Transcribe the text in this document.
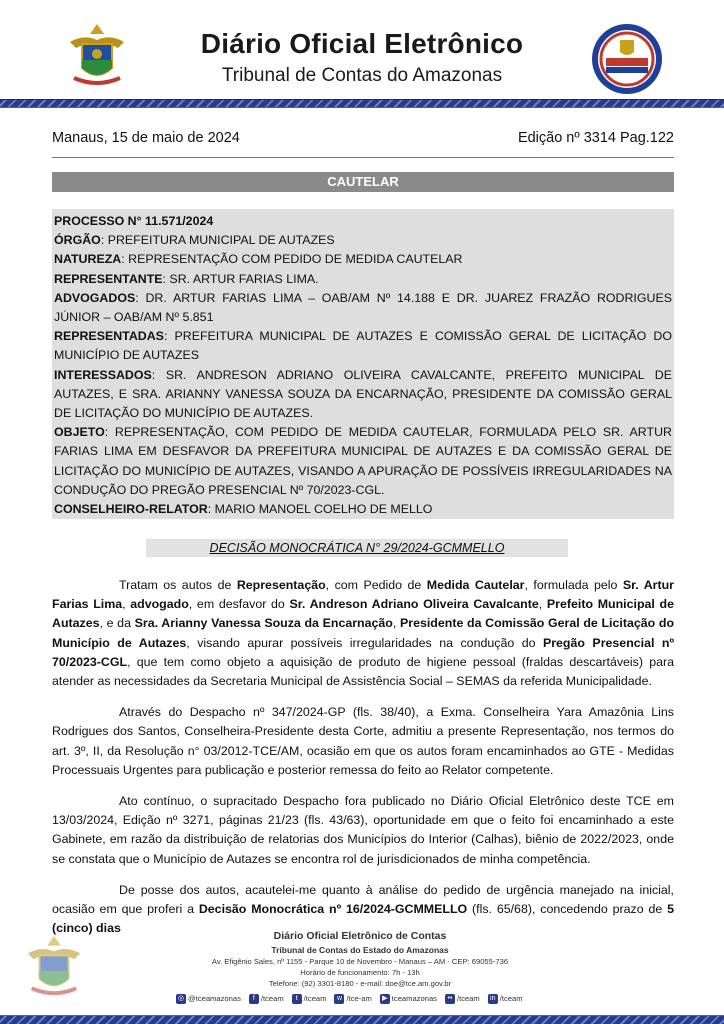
Diário Oficial Eletrônico
Tribunal de Contas do Amazonas
Manaus, 15 de maio de 2024	Edição nº 3314 Pag.122
CAUTELAR

PROCESSO N° 11.571/2024

ÓRGÃO: PREFEITURA MUNICIPAL DE AUTAZES

NATUREZA: REPRESENTAÇÃO COM PEDIDO DE MEDIDA CAUTELAR

REPRESENTANTE: SR. ARTUR FARIAS LIMA.

ADVOGADOS: DR. ARTUR FARIAS LIMA – OAB/AM Nº 14.188 E DR. JUAREZ FRAZÃO RODRIGUES JÚNIOR – OAB/AM Nº 5.851

REPRESENTADAS: PREFEITURA MUNICIPAL DE AUTAZES E COMISSÃO GERAL DE LICITAÇÃO DO MUNICÍPIO DE AUTAZES

INTERESSADOS: SR. ANDRESON ADRIANO OLIVEIRA CAVALCANTE, PREFEITO MUNICIPAL DE AUTAZES, E SRA. ARIANNY VANESSA SOUZA DA ENCARNAÇÃO, PRESIDENTE DA COMISSÃO GERAL DE LICITAÇÃO DO MUNICÍPIO DE AUTAZES.

OBJETO: REPRESENTAÇÃO, COM PEDIDO DE MEDIDA CAUTELAR, FORMULADA PELO SR. ARTUR FARIAS LIMA EM DESFAVOR DA PREFEITURA MUNICIPAL DE AUTAZES E DA COMISSÃO GERAL DE LICITAÇÃO DO MUNICÍPIO DE AUTAZES, VISANDO A APURAÇÃO DE POSSÍVEIS IRREGULARIDADES NA CONDUÇÃO DO PREGÃO PRESENCIAL Nº 70/2023-CGL.

CONSELHEIRO-RELATOR: MARIO MANOEL COELHO DE MELLO

DECISÃO MONOCRÁTICA N° 29/2024-GCMMELLO

Tratam os autos de Representação, com Pedido de Medida Cautelar, formulada pelo Sr. Artur Farias Lima, advogado, em desfavor do Sr. Andreson Adriano Oliveira Cavalcante, Prefeito Municipal de Autazes, e da Sra. Arianny Vanessa Souza da Encarnação, Presidente da Comissão Geral de Licitação do Município de Autazes, visando apurar possíveis irregularidades na condução do Pregão Presencial nº 70/2023-CGL, que tem como objeto a aquisição de produto de higiene pessoal (fraldas descartáveis) para atender as necessidades da Secretaria Municipal de Assistência Social – SEMAS da referida Municipalidade.

Através do Despacho nº 347/2024-GP (fls. 38/40), a Exma. Conselheira Yara Amazônia Lins Rodrigues dos Santos, Conselheira-Presidente desta Corte, admitiu a presente Representação, nos termos do art. 3º, II, da Resolução n° 03/2012-TCE/AM, ocasião em que os autos foram encaminhados ao GTE - Medidas Processuais Urgentes para publicação e posterior remessa do feito ao Relator competente.

Ato contínuo, o supracitado Despacho fora publicado no Diário Oficial Eletrônico deste TCE em 13/03/2024, Edição nº 3271, páginas 21/23 (fls. 43/63), oportunidade em que o feito foi encaminhado a este Gabinete, em razão da distribuição de relatorias dos Municípios do Interior (Calhas), biênio de 2022/2023, onde se constata que o Município de Autazes se encontra rol de jurisdicionados de minha competência.

De posse dos autos, acautelei-me quanto à análise do pedido de urgência manejado na inicial, ocasião em que proferi a Decisão Monocrática nº 16/2024-GCMMELLO (fls. 65/68), concedendo prazo de 5 (cinco) dias

Diário Oficial Eletrônico de Contas
Tribunal de Contas do Estado do Amazonas
Av. Efigênio Sales, nº 1155 - Parque 10 de Novembro - Manaus – AM - CEP: 69055-736
Horário de funcionamento: 7h - 13h
Telefone: (92) 3301-8180 - e-mail: doe@tce.am.gov.br
◎ @tceamazonas f /tceam t /tceam w /tce-am ▶ tceamazonas •• /tceam in /tceam
